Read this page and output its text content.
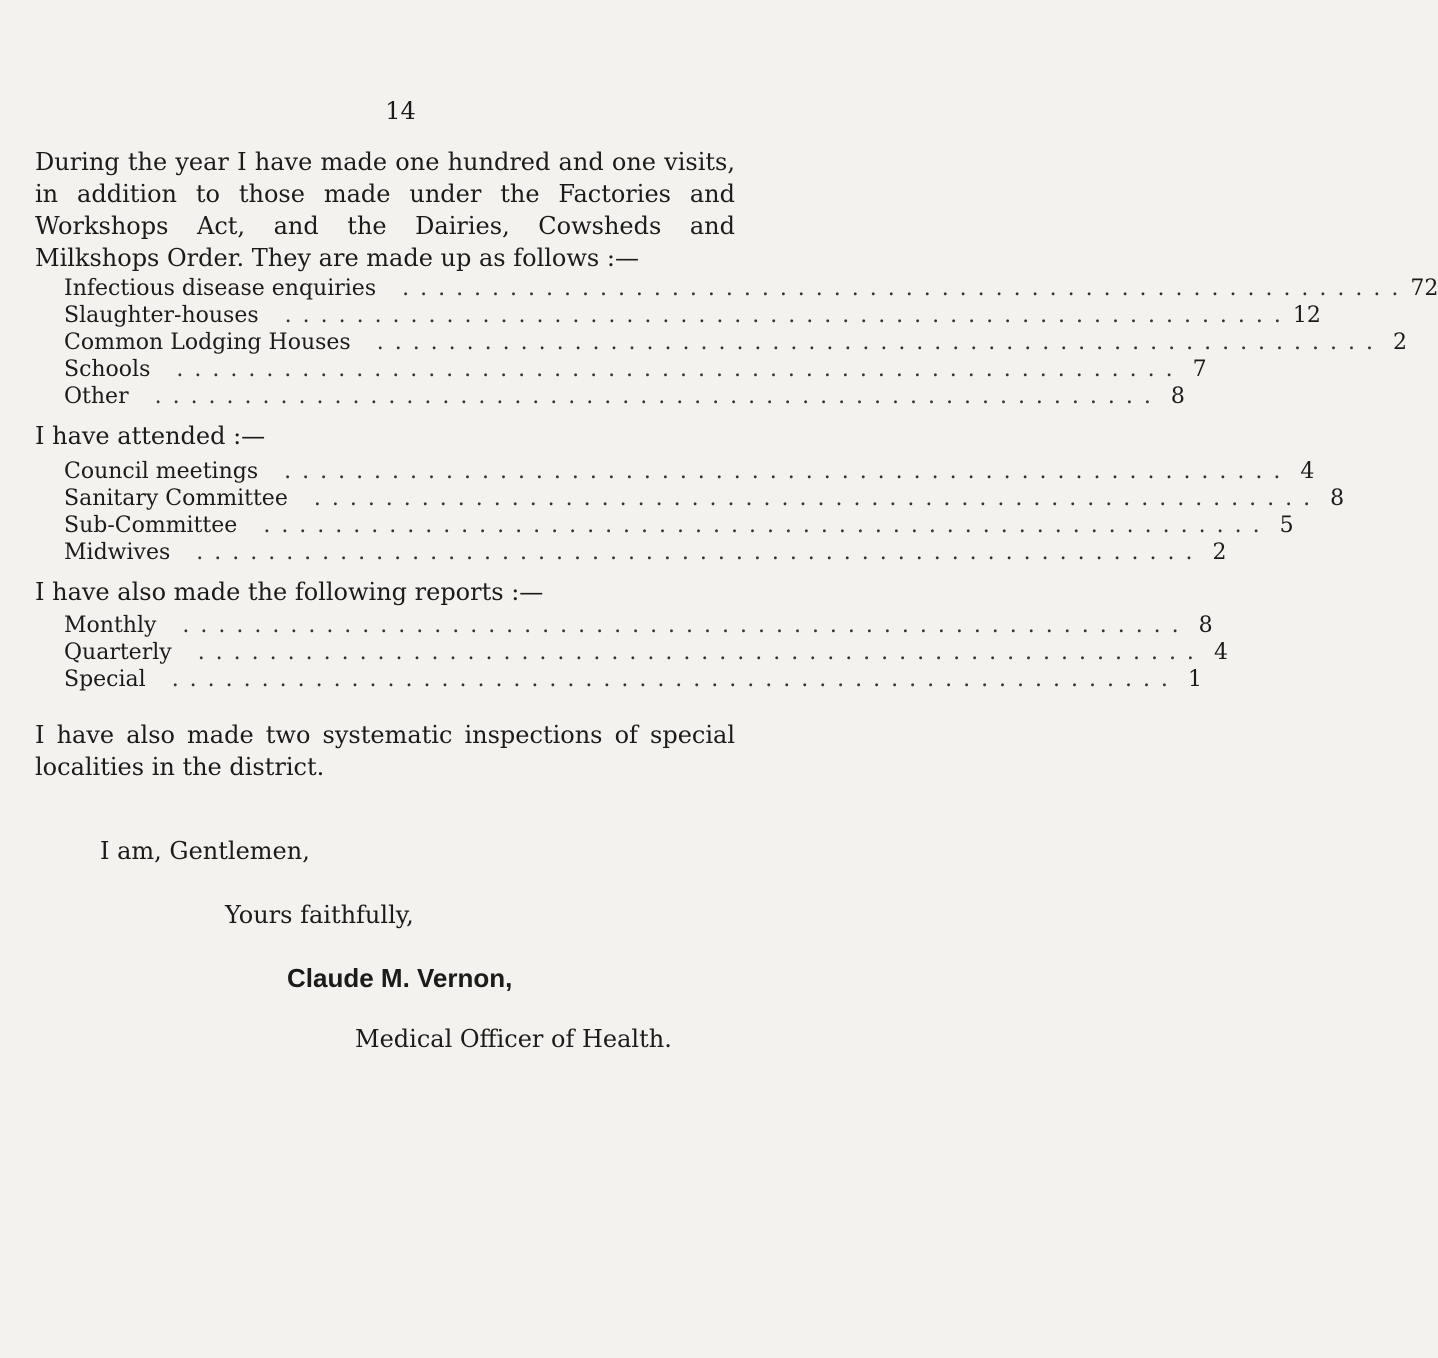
14
During the year I have made one hundred and one visits, in addition to those made under the Factories and Workshops Act, and the Dairies, Cowsheds and Milkshops Order. They are made up as follows :—
Infectious disease enquiries . . . . . . . . . . . . . . . . . . . . . . . . . . . . . . . . . . . . . . . . . . . . . . . . . . . . . . . . 72
Slaughter-houses . . . . . . . . . . . . . . . . . . . . . . . . . . . . . . . . . . . . . . . . . . . . . . . . . . . . . . . . 12
Common Lodging Houses . . . . . . . . . . . . . . . . . . . . . . . . . . . . . . . . . . . . . . . . . . . . . . . . . . . . . . . . 2
Schools . . . . . . . . . . . . . . . . . . . . . . . . . . . . . . . . . . . . . . . . . . . . . . . . . . . . . . . . 7
Other . . . . . . . . . . . . . . . . . . . . . . . . . . . . . . . . . . . . . . . . . . . . . . . . . . . . . . . . 8
I have attended :—
Council meetings . . . . . . . . . . . . . . . . . . . . . . . . . . . . . . . . . . . . . . . . . . . . . . . . . . . . . . . . 4
Sanitary Committee . . . . . . . . . . . . . . . . . . . . . . . . . . . . . . . . . . . . . . . . . . . . . . . . . . . . . . . . 8
Sub-Committee . . . . . . . . . . . . . . . . . . . . . . . . . . . . . . . . . . . . . . . . . . . . . . . . . . . . . . . . 5
Midwives . . . . . . . . . . . . . . . . . . . . . . . . . . . . . . . . . . . . . . . . . . . . . . . . . . . . . . . . 2
I have also made the following reports :—
Monthly . . . . . . . . . . . . . . . . . . . . . . . . . . . . . . . . . . . . . . . . . . . . . . . . . . . . . . . . 8
Quarterly . . . . . . . . . . . . . . . . . . . . . . . . . . . . . . . . . . . . . . . . . . . . . . . . . . . . . . . . 4
Special . . . . . . . . . . . . . . . . . . . . . . . . . . . . . . . . . . . . . . . . . . . . . . . . . . . . . . . . 1
I have also made two systematic inspections of special localities in the district.
I am, Gentlemen,
Yours faithfully,
Claude M. Vernon,
Medical Officer of Health.
